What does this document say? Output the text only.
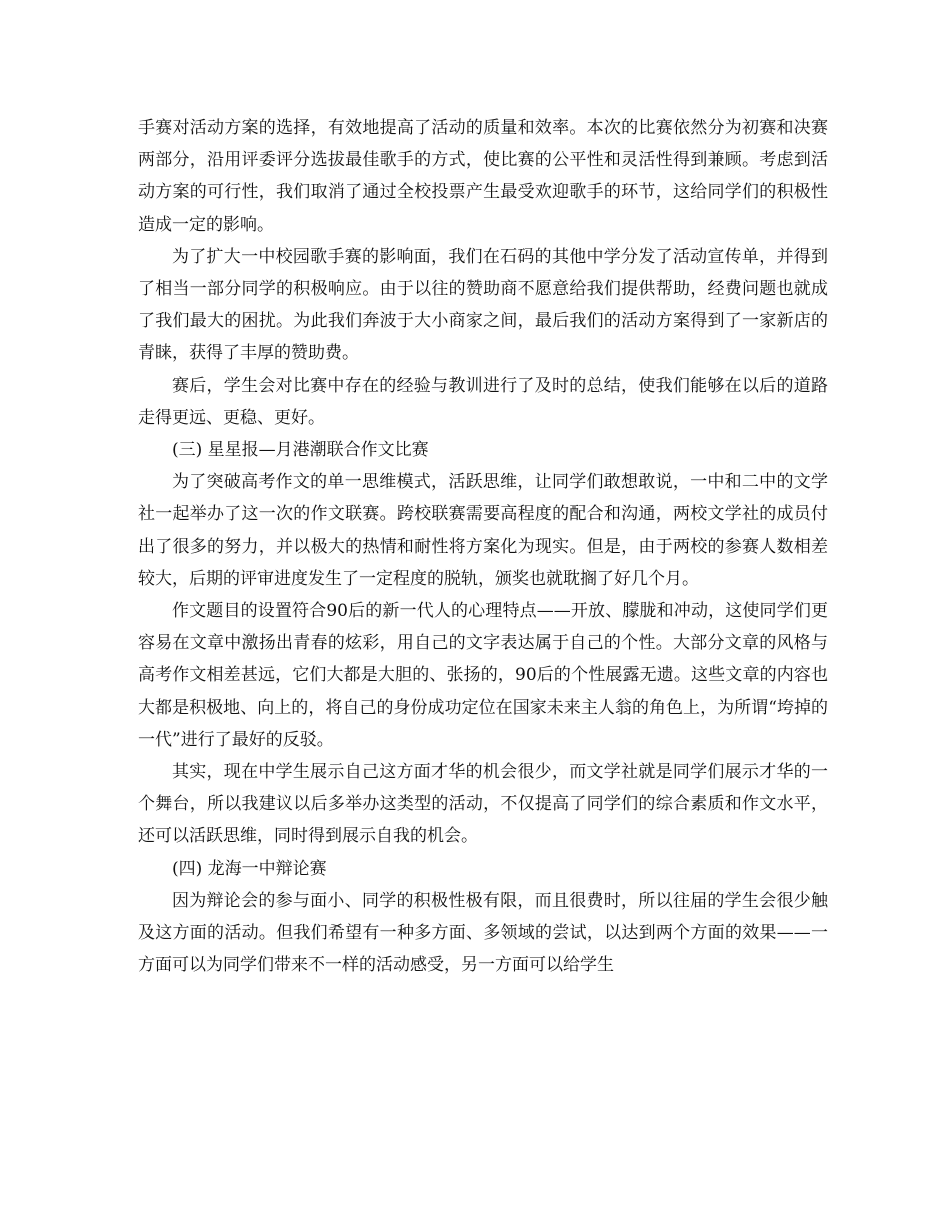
手赛对活动方案的选择，有效地提高了活动的质量和效率。本次的比赛依然分为初赛和决赛两部分，沿用评委评分选拔最佳歌手的方式，使比赛的公平性和灵活性得到兼顾。考虑到活动方案的可行性，我们取消了通过全校投票产生最受欢迎歌手的环节，这给同学们的积极性造成一定的影响。

为了扩大一中校园歌手赛的影响面，我们在石码的其他中学分发了活动宣传单，并得到了相当一部分同学的积极响应。由于以往的赞助商不愿意给我们提供帮助，经费问题也就成了我们最大的困扰。为此我们奔波于大小商家之间，最后我们的活动方案得到了一家新店的青睐，获得了丰厚的赞助费。

赛后，学生会对比赛中存在的经验与教训进行了及时的总结，使我们能够在以后的道路走得更远、更稳、更好。

(三) 星星报—月港潮联合作文比赛

为了突破高考作文的单一思维模式，活跃思维，让同学们敢想敢说，一中和二中的文学社一起举办了这一次的作文联赛。跨校联赛需要高程度的配合和沟通，两校文学社的成员付出了很多的努力，并以极大的热情和耐性将方案化为现实。但是，由于两校的参赛人数相差较大，后期的评审进度发生了一定程度的脱轨，颁奖也就耽搁了好几个月。

作文题目的设置符合90后的新一代人的心理特点——开放、朦胧和冲动，这使同学们更容易在文章中激扬出青春的炫彩，用自己的文字表达属于自己的个性。大部分文章的风格与高考作文相差甚远，它们大都是大胆的、张扬的，90后的个性展露无遗。这些文章的内容也大都是积极地、向上的，将自己的身份成功定位在国家未来主人翁的角色上，为所谓“垮掉的一代”进行了最好的反驳。

其实，现在中学生展示自己这方面才华的机会很少，而文学社就是同学们展示才华的一个舞台，所以我建议以后多举办这类型的活动，不仅提高了同学们的综合素质和作文水平，还可以活跃思维，同时得到展示自我的机会。

(四) 龙海一中辩论赛

因为辩论会的参与面小、同学的积极性极有限，而且很费时，所以往届的学生会很少触及这方面的活动。但我们希望有一种多方面、多领域的尝试，以达到两个方面的效果——一方面可以为同学们带来不一样的活动感受，另一方面可以给学生
